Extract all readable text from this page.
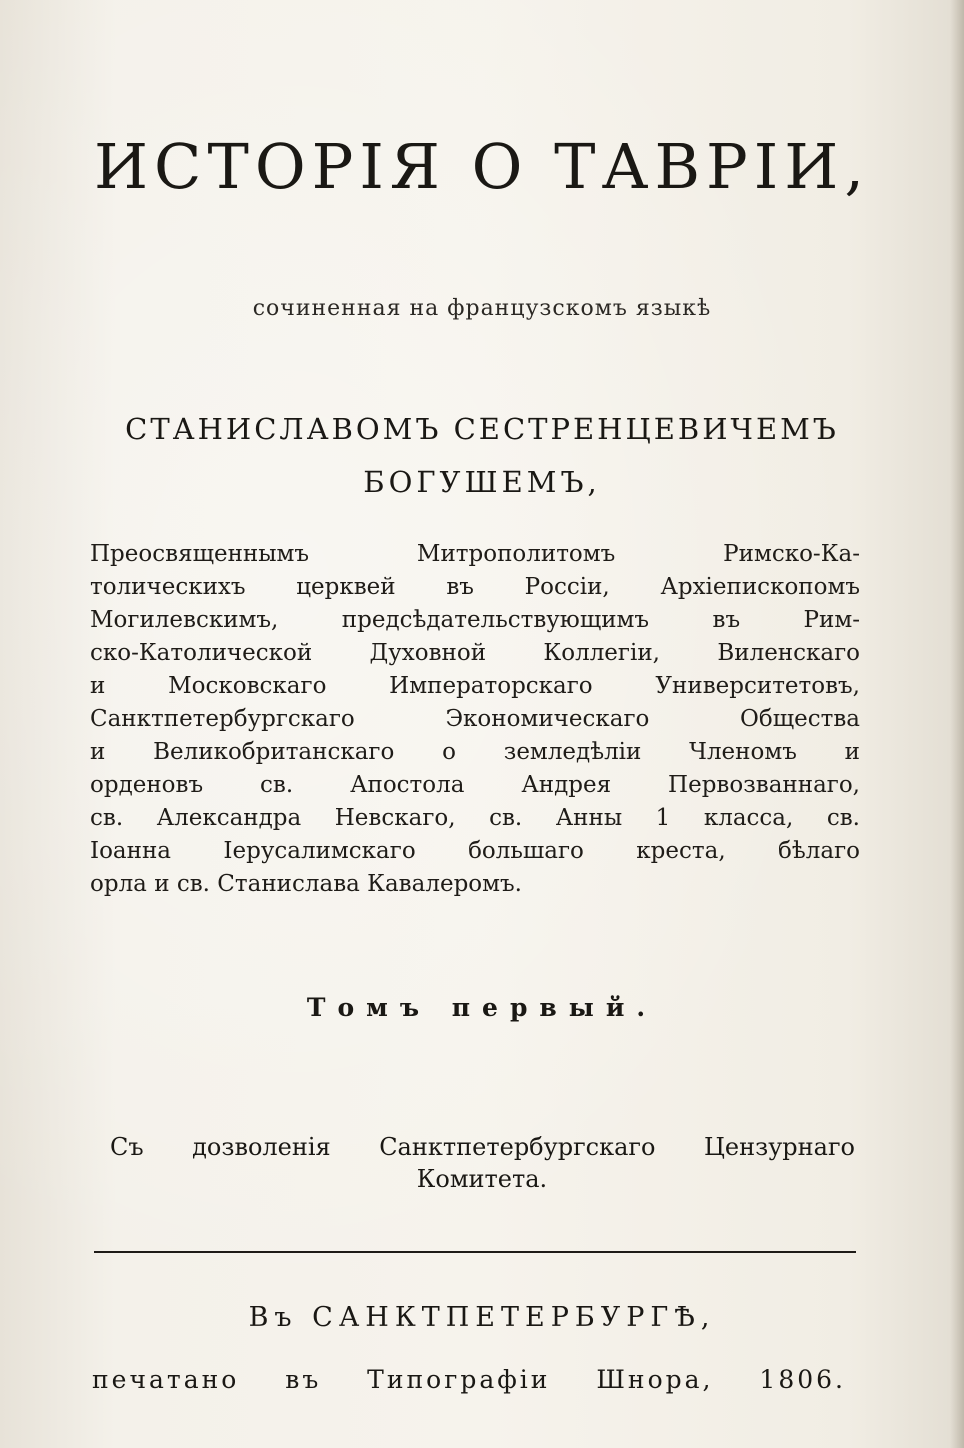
ИСТОРІЯ О ТАВРІИ,
сочиненная на французскомъ языкѣ
СТАНИСЛАВОМЪ СЕСТРЕНЦЕВИЧЕМЪ
БОГУШЕМЪ,
Преосвященнымъ Митрополитомъ Римско-Ка-
толическихъ церквей въ Россіи, Архіепископомъ
Могилевскимъ, предсѣдательствующимъ въ Рим-
ско-Католической Духовной Коллегіи, Виленскаго
и Московскаго Императорскаго Университетовъ,
Санктпетербургскаго Экономическаго Общества
и Великобританскаго о земледѣліи Членомъ и
орденовъ св. Апостола Андрея Первозваннаго,
св. Александра Невскаго, св. Анны 1 класса, св.
Іоанна Іерусалимскаго большаго креста, бѣлаго
орла и св. Станислава Кавалеромъ.
Томъ первый.
Съ дозволенія Санктпетербургскаго Цензурнаго
Комитета.
Въ САНКТПЕТЕРБУРГѢ,
печатано въ Типографіи Шнора, 1806.
